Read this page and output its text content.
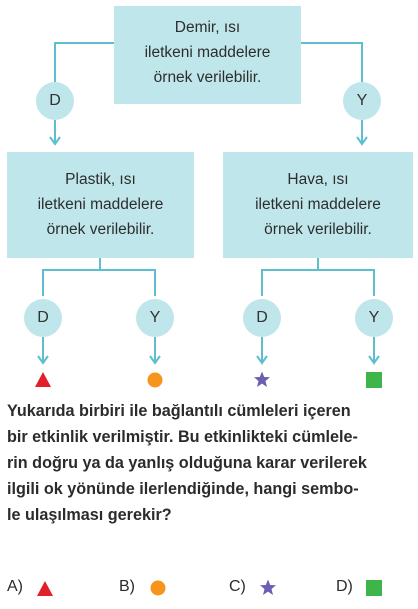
Demir, ısı
iletkeni maddelere
örnek verilebilir.
D	Y
Plastik, ısı
iletkeni maddelere
örnek verilebilir.
Hava, ısı
iletkeni maddelere
örnek verilebilir.
D	Y	D	Y
Yukarıda birbiri ile bağlantılı cümleleri içeren
bir etkinlik verilmiştir. Bu etkinlikteki cümlele-
rin doğru ya da yanlış olduğuna karar verilerek
ilgili ok yönünde ilerlendiğinde, hangi sembo-
le ulaşılması gerekir?
A)	B)	C)	D)
